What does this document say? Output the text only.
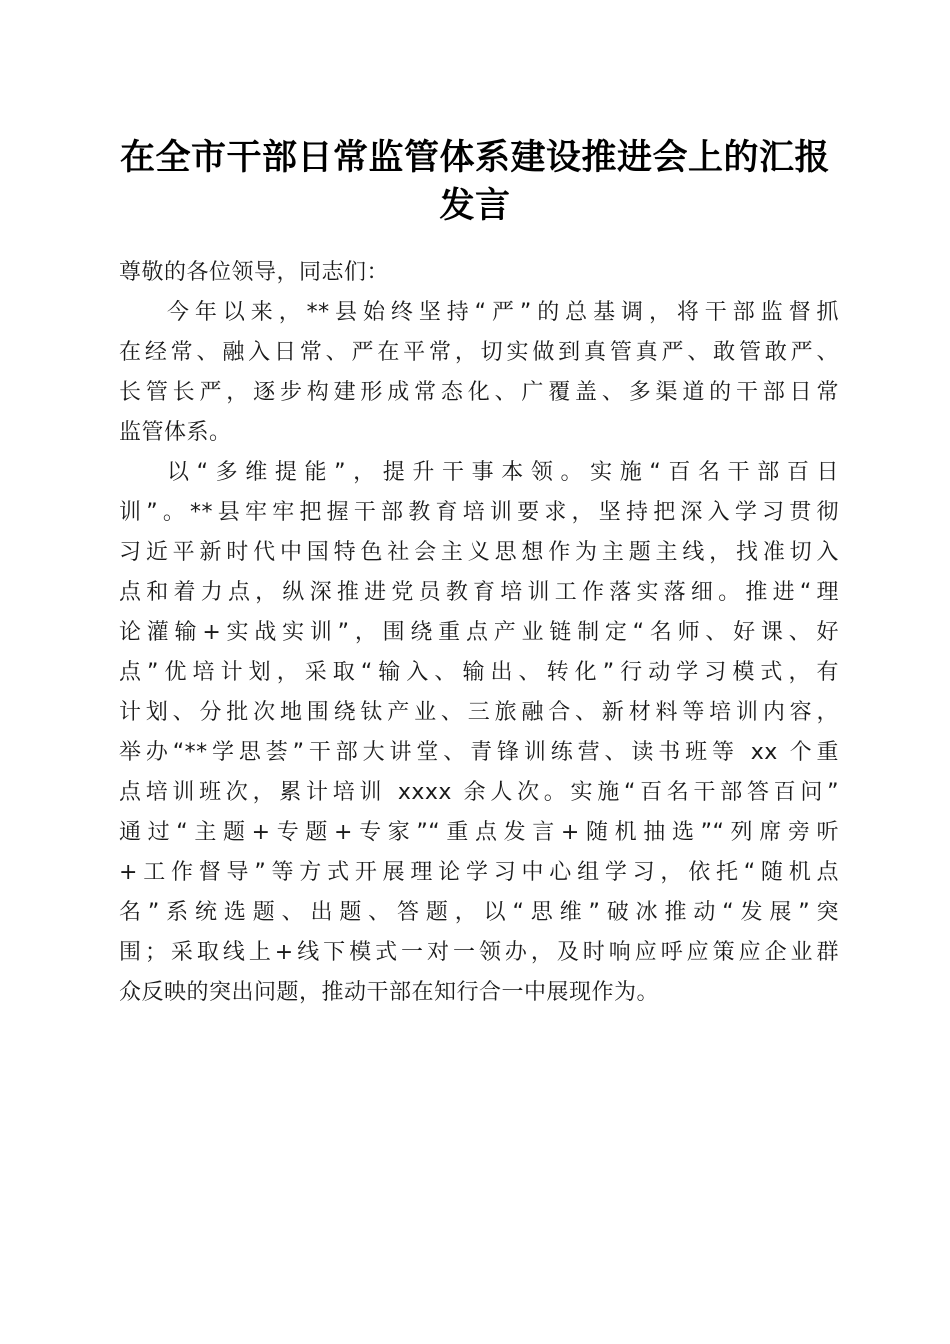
在全市干部日常监管体系建设推进会上的汇报
发言
尊敬的各位领导，同志们：
今年以来，**县始终坚持“严”的总基调，将干部监督抓
在经常、融入日常、严在平常，切实做到真管真严、敢管敢严、
长管长严，逐步构建形成常态化、广覆盖、多渠道的干部日常
监管体系。
以“多维提能”，提升干事本领。实施“百名干部百日
训”。**县牢牢把握干部教育培训要求，坚持把深入学习贯彻
习近平新时代中国特色社会主义思想作为主题主线，找准切入
点和着力点，纵深推进党员教育培训工作落实落细。推进“理
论灌输+实战实训”，围绕重点产业链制定“名师、好课、好
点”优培计划，采取“输入、输出、转化”行动学习模式，有
计划、分批次地围绕钛产业、三旅融合、新材料等培训内容，
举办“**学思荟”干部大讲堂、青锋训练营、读书班等 xx 个重
点培训班次，累计培训 xxxx 余人次。实施“百名干部答百问”
通过“主题+专题+专家”“重点发言+随机抽选”“列席旁听
+工作督导”等方式开展理论学习中心组学习，依托“随机点
名”系统选题、出题、答题，以“思维”破冰推动“发展”突
围；采取线上+线下模式一对一领办，及时响应呼应策应企业群
众反映的突出问题，推动干部在知行合一中展现作为。
